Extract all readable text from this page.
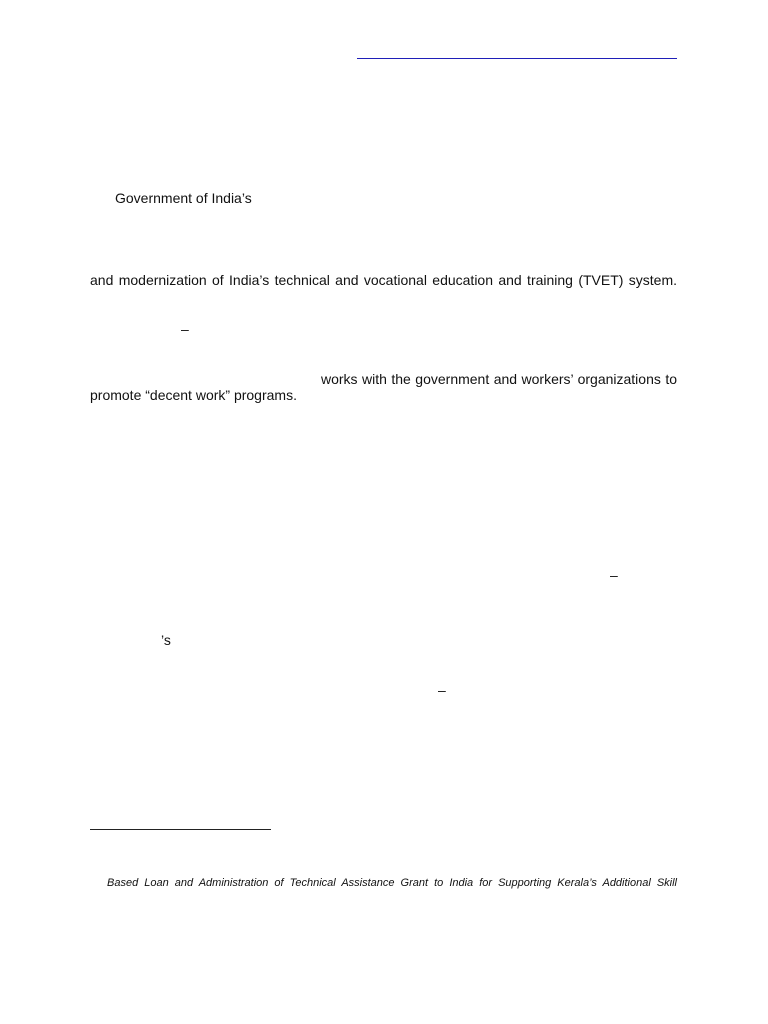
Government of India’s
and modernization of India’s technical and vocational education and training (TVET) system.
–
works with the government and workers’ organizations to
promote “decent work” programs.
–
’s
–
Based Loan and Administration of Technical Assistance Grant to India for Supporting Kerala’s Additional Skill
